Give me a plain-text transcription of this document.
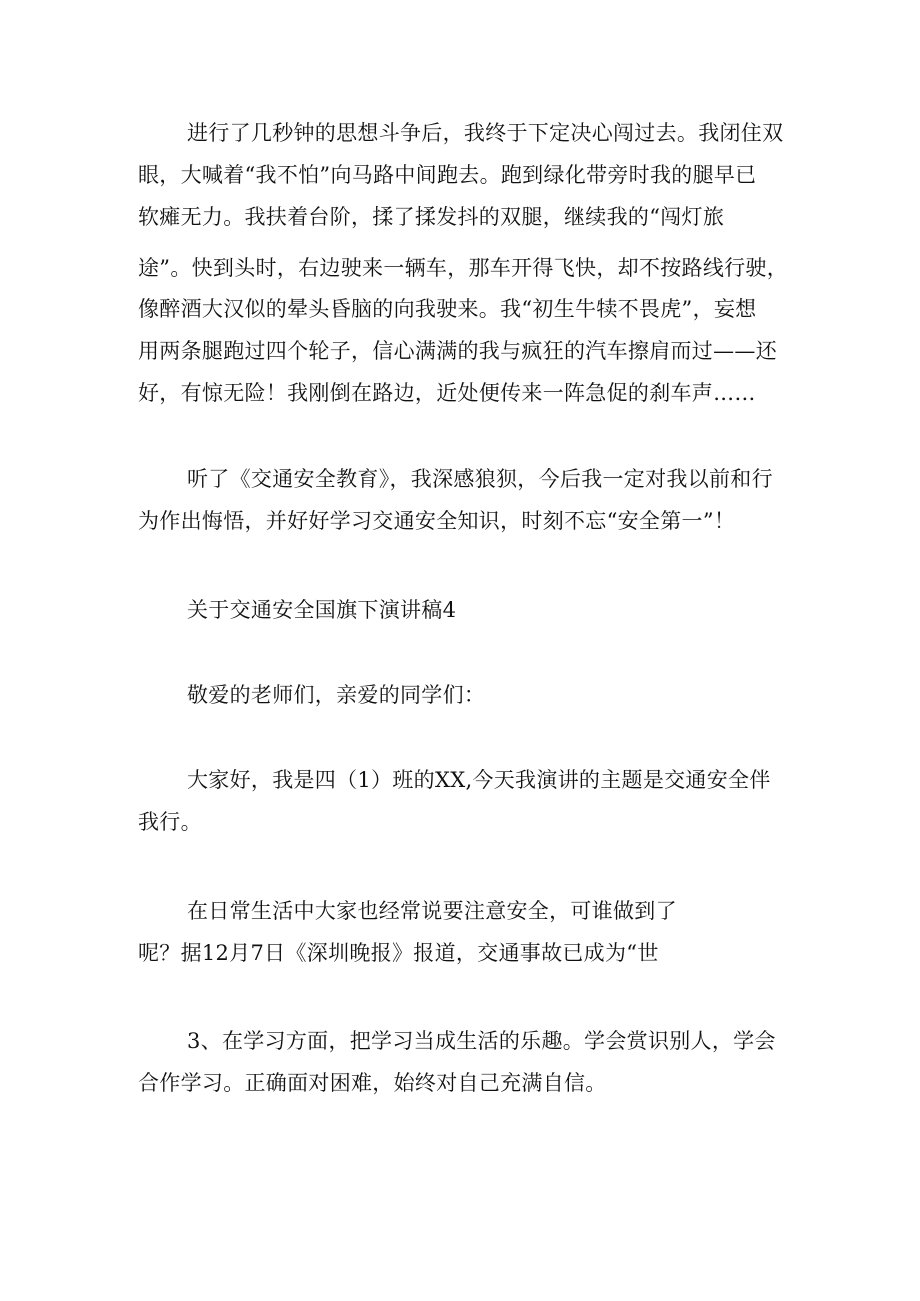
进行了几秒钟的思想斗争后，我终于下定决心闯过去。我闭住双

眼，大喊着“我不怕”向马路中间跑去。跑到绿化带旁时我的腿早已

软瘫无力。我扶着台阶，揉了揉发抖的双腿，继续我的“闯灯旅

途”。快到头时，右边驶来一辆车，那车开得飞快，却不按路线行驶，

像醉酒大汉似的晕头昏脑的向我驶来。我“初生牛犊不畏虎”，妄想

用两条腿跑过四个轮子，信心满满的我与疯狂的汽车擦肩而过——还

好，有惊无险！我刚倒在路边，近处便传来一阵急促的刹车声……

听了《交通安全教育》，我深感狼狈，今后我一定对我以前和行

为作出悔悟，并好好学习交通安全知识，时刻不忘“安全第一”！

关于交通安全国旗下演讲稿4

敬爱的老师们，亲爱的同学们：

大家好，我是四（1）班的XX,今天我演讲的主题是交通安全伴

我行。

在日常生活中大家也经常说要注意安全，可谁做到了

呢？据12月7日《深圳晚报》报道，交通事故已成为“世

3、在学习方面，把学习当成生活的乐趣。学会赏识别人，学会

合作学习。正确面对困难，始终对自己充满自信。
